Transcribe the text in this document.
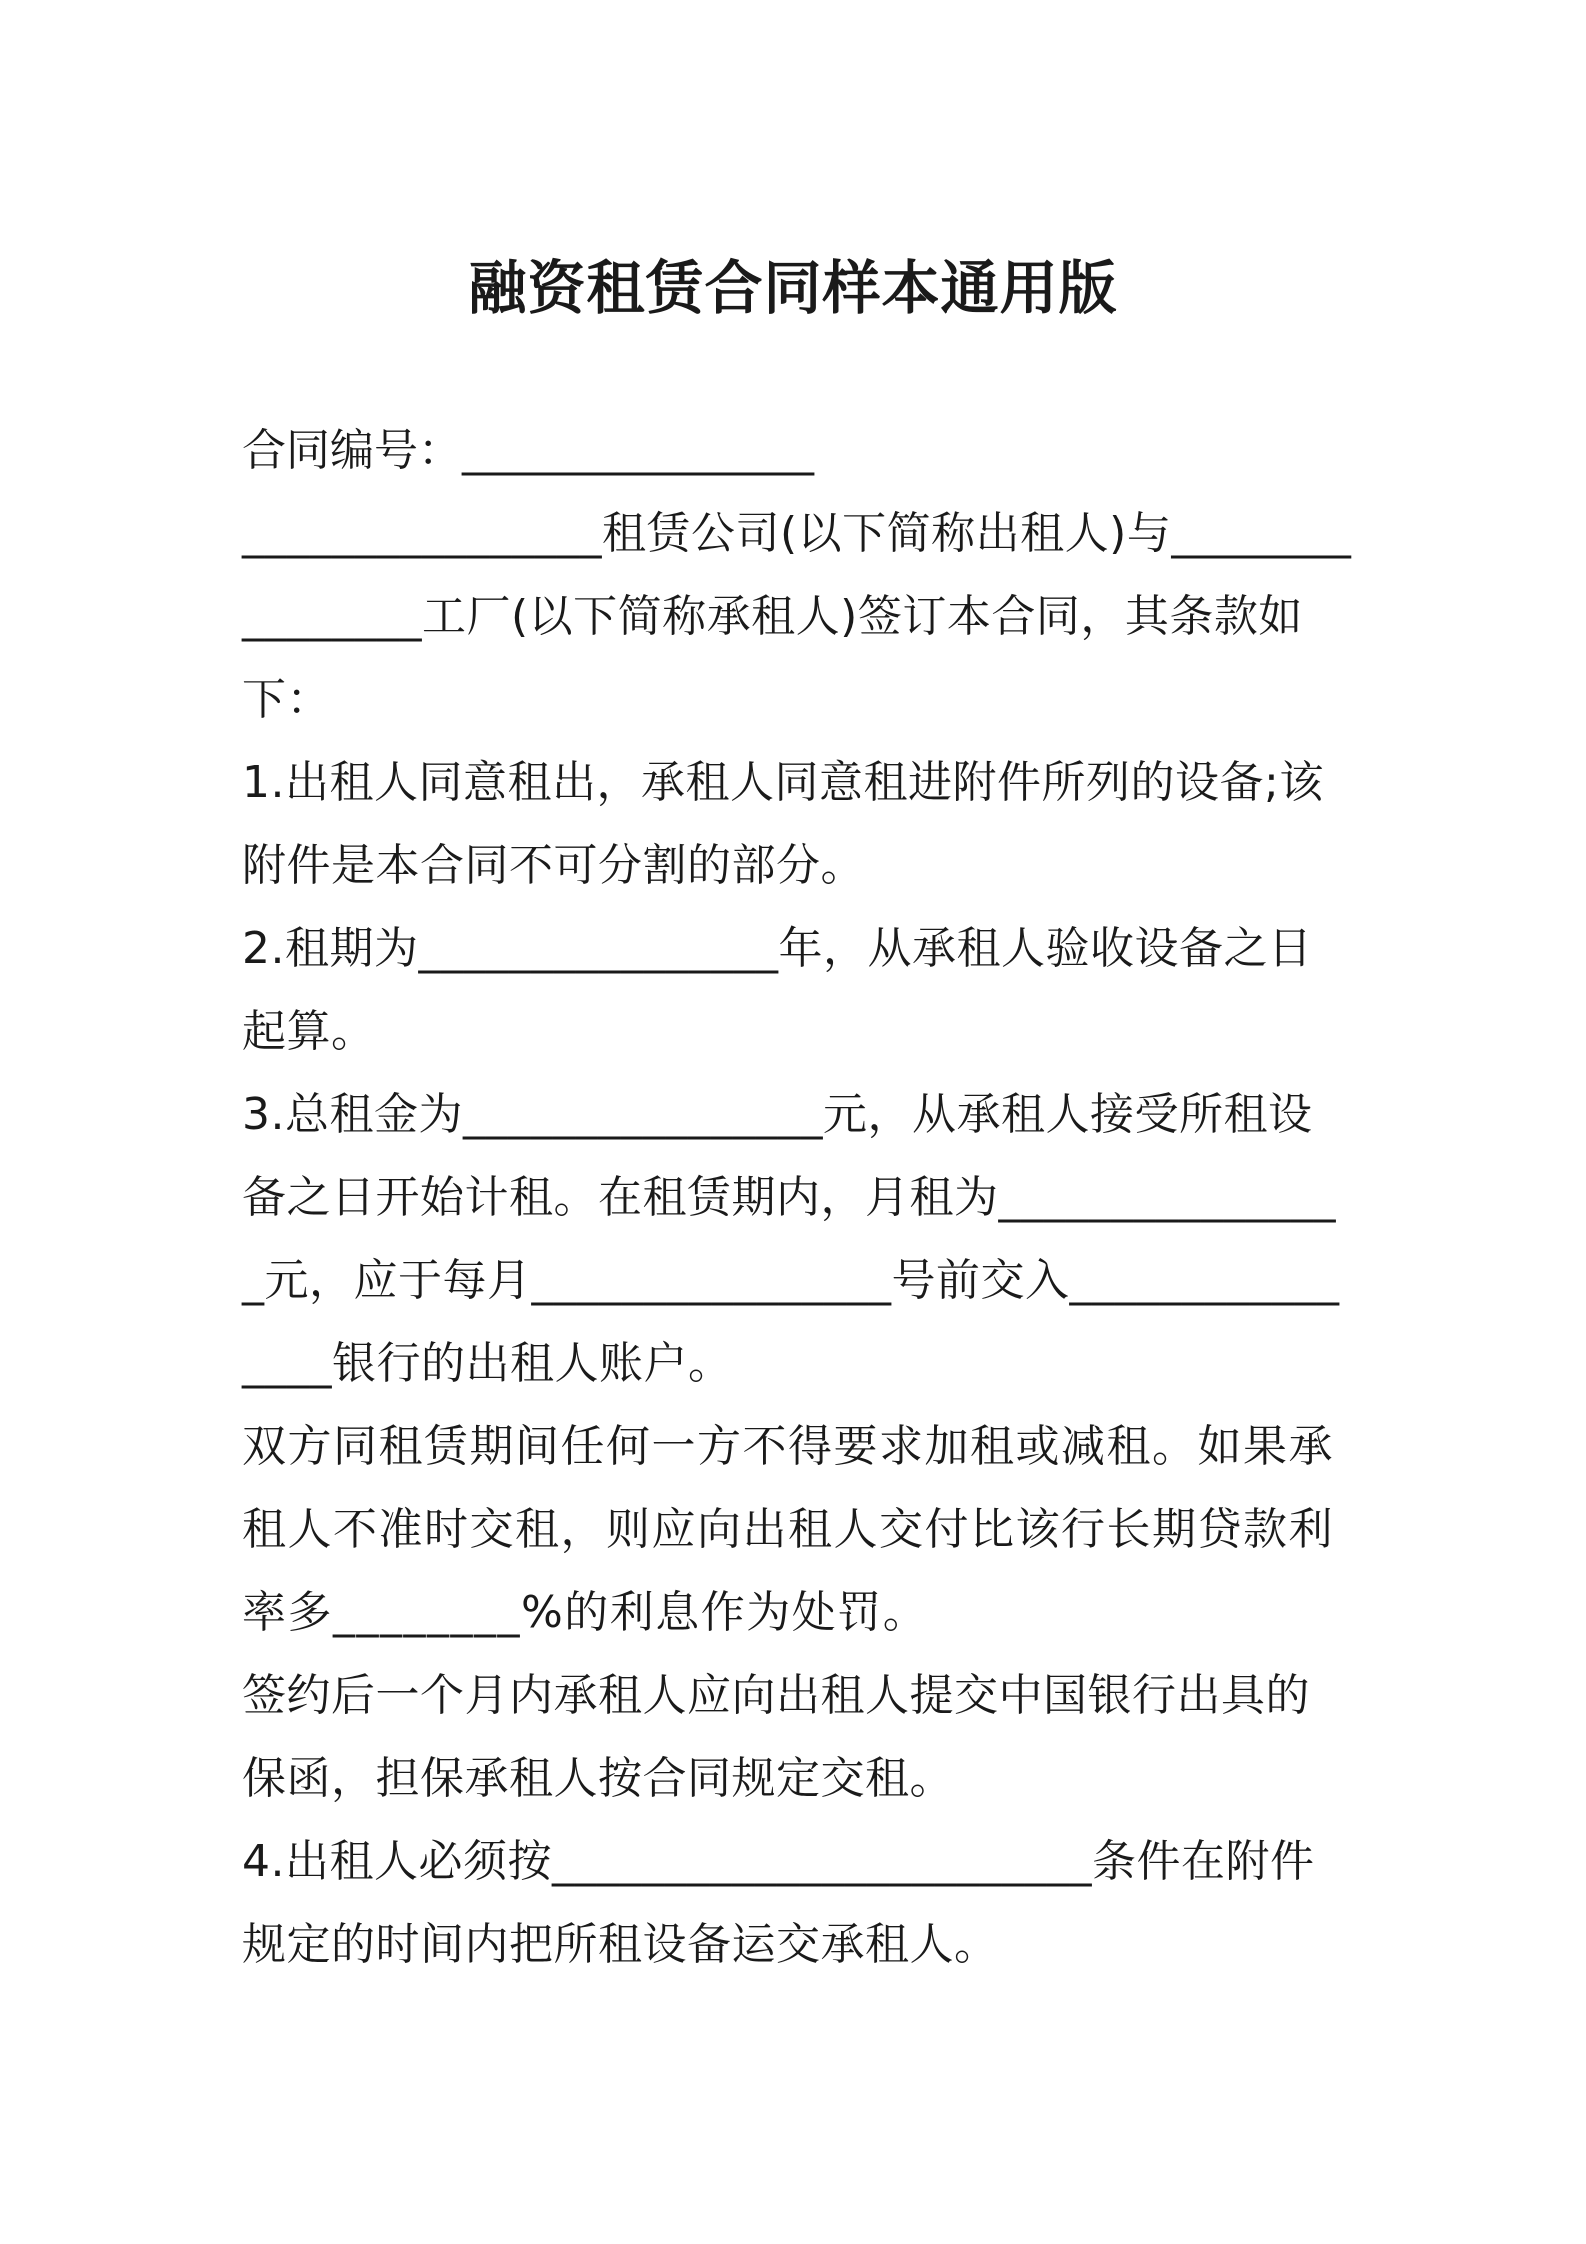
融资租赁合同样本通用版

合同编号：________________

________________租赁公司(以下简称出租人)与________________工厂(以下简称承租人)签订本合同，其条款如下：

1.出租人同意租出，承租人同意租进附件所列的设备;该附件是本合同不可分割的部分。

2.租期为________________年，从承租人验收设备之日起算。

3.总租金为________________元，从承租人接受所租设备之日开始计租。在租赁期内，月租为________________元，应于每月________________号前交入________________银行的出租人账户。

双方同租赁期间任何一方不得要求加租或减租。如果承租人不准时交租，则应向出租人交付比该行长期贷款利率多________%的利息作为处罚。

签约后一个月内承租人应向出租人提交中国银行出具的保函，担保承租人按合同规定交租。

4.出租人必须按________________________条件在附件规定的时间内把所租设备运交承租人。
